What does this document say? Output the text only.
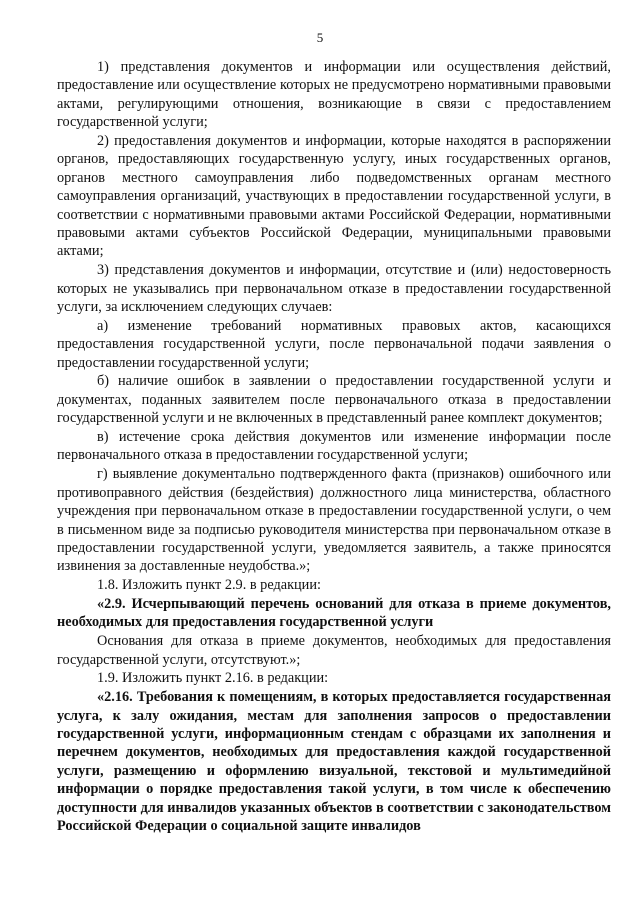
5

1) представления документов и информации или осуществления действий, предоставление или осуществление которых не предусмотрено нормативными правовыми актами, регулирующими отношения, возникающие в связи с предоставлением государственной услуги;

2) предоставления документов и информации, которые находятся в распоряжении органов, предоставляющих государственную услугу, иных государственных органов, органов местного самоуправления либо подведомственных органам местного самоуправления организаций, участвующих в предоставлении государственной услуги, в соответствии с нормативными правовыми актами Российской Федерации, нормативными правовыми актами субъектов Российской Федерации, муниципальными правовыми актами;

3) представления документов и информации, отсутствие и (или) недостоверность которых не указывались при первоначальном отказе в предоставлении государственной услуги, за исключением следующих случаев:

а) изменение требований нормативных правовых актов, касающихся предоставления государственной услуги, после первоначальной подачи заявления о предоставлении государственной услуги;

б) наличие ошибок в заявлении о предоставлении государственной услуги и документах, поданных заявителем после первоначального отказа в предоставлении государственной услуги и не включенных в представленный ранее комплект документов;

в) истечение срока действия документов или изменение информации после первоначального отказа в предоставлении государственной услуги;

г) выявление документально подтвержденного факта (признаков) ошибочного или противоправного действия (бездействия) должностного лица министерства, областного учреждения при первоначальном отказе в предоставлении государственной услуги, о чем в письменном виде за подписью руководителя министерства при первоначальном отказе в предоставлении государственной услуги, уведомляется заявитель, а также приносятся извинения за доставленные неудобства.»;

1.8. Изложить пункт 2.9. в редакции:

«2.9. Исчерпывающий перечень оснований для отказа в приеме документов, необходимых для предоставления государственной услуги

Основания для отказа в приеме документов, необходимых для предоставления государственной услуги, отсутствуют.»;

1.9. Изложить пункт 2.16. в редакции:

«2.16. Требования к помещениям, в которых предоставляется государственная услуга, к залу ожидания, местам для заполнения запросов о предоставлении государственной услуги, информационным стендам с образцами их заполнения и перечнем документов, необходимых для предоставления каждой государственной услуги, размещению и оформлению визуальной, текстовой и мультимедийной информации о порядке предоставления такой услуги, в том числе к обеспечению доступности для инвалидов указанных объектов в соответствии с законодательством Российской Федерации о социальной защите инвалидов
